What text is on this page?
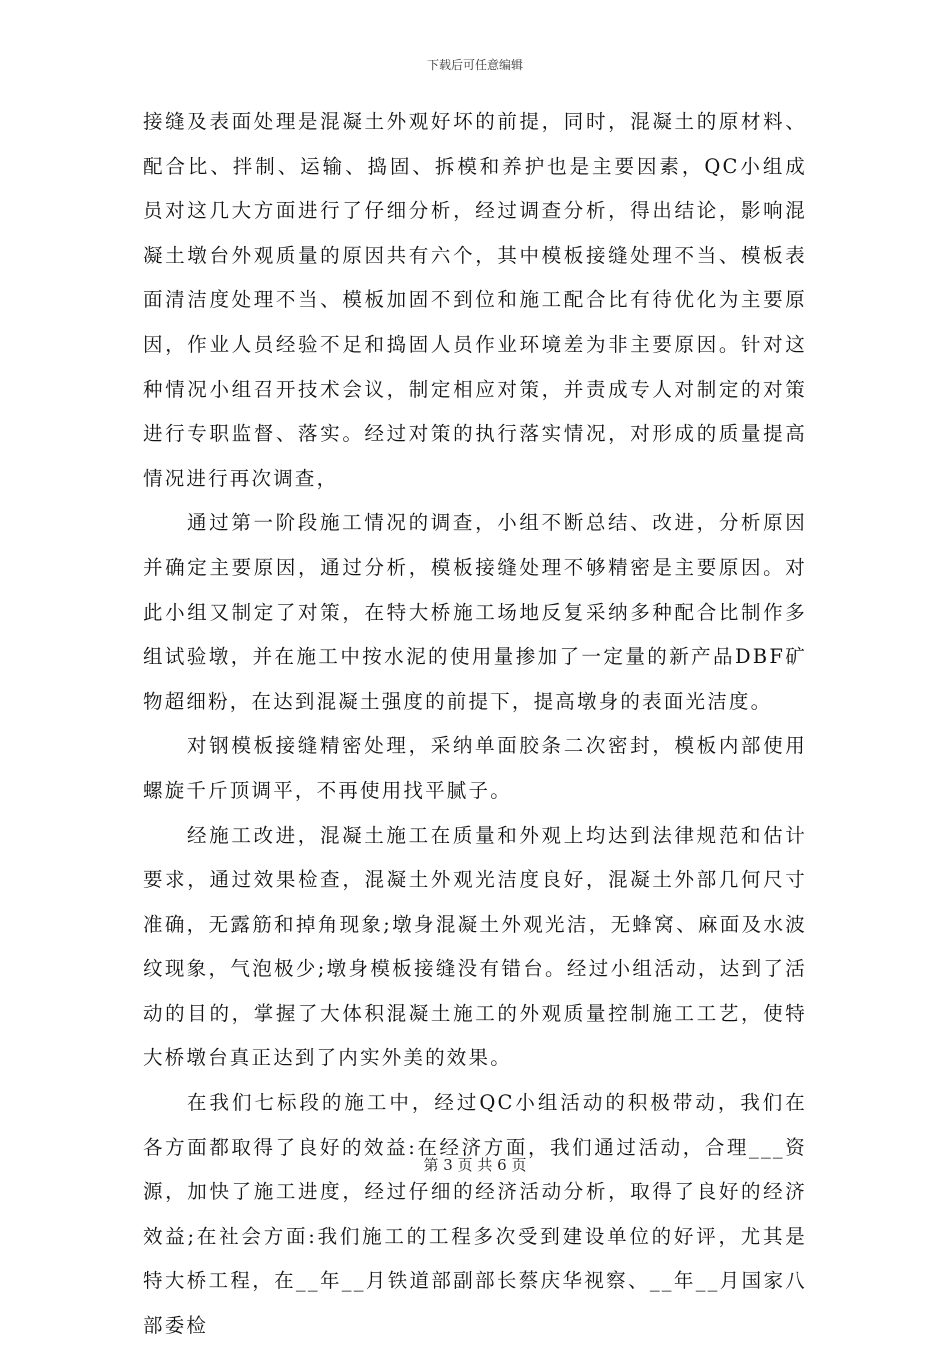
下载后可任意编辑

接缝及表面处理是混凝土外观好坏的前提，同时，混凝土的原材料、配合比、拌制、运输、捣固、拆模和养护也是主要因素，QC小组成员对这几大方面进行了仔细分析，经过调查分析，得出结论，影响混凝土墩台外观质量的原因共有六个，其中模板接缝处理不当、模板表面清洁度处理不当、模板加固不到位和施工配合比有待优化为主要原因，作业人员经验不足和捣固人员作业环境差为非主要原因。针对这种情况小组召开技术会议，制定相应对策，并责成专人对制定的对策进行专职监督、落实。经过对策的执行落实情况，对形成的质量提高情况进行再次调查，

通过第一阶段施工情况的调查，小组不断总结、改进，分析原因并确定主要原因，通过分析，模板接缝处理不够精密是主要原因。对此小组又制定了对策，在特大桥施工场地反复采纳多种配合比制作多组试验墩，并在施工中按水泥的使用量掺加了一定量的新产品DBF矿物超细粉，在达到混凝土强度的前提下，提高墩身的表面光洁度。

对钢模板接缝精密处理，采纳单面胶条二次密封，模板内部使用螺旋千斤顶调平，不再使用找平腻子。

经施工改进，混凝土施工在质量和外观上均达到法律规范和估计要求，通过效果检查，混凝土外观光洁度良好，混凝土外部几何尺寸准确，无露筋和掉角现象;墩身混凝土外观光洁，无蜂窝、麻面及水波纹现象，气泡极少;墩身模板接缝没有错台。经过小组活动，达到了活动的目的，掌握了大体积混凝土施工的外观质量控制施工工艺，使特大桥墩台真正达到了内实外美的效果。

在我们七标段的施工中，经过QC小组活动的积极带动，我们在各方面都取得了良好的效益:在经济方面，我们通过活动，合理___资源，加快了施工进度，经过仔细的经济活动分析，取得了良好的经济效益;在社会方面:我们施工的工程多次受到建设单位的好评，尤其是特大桥工程，在__年__月铁道部副部长蔡庆华视察、__年__月国家八部委检

第 3 页 共 6 页
